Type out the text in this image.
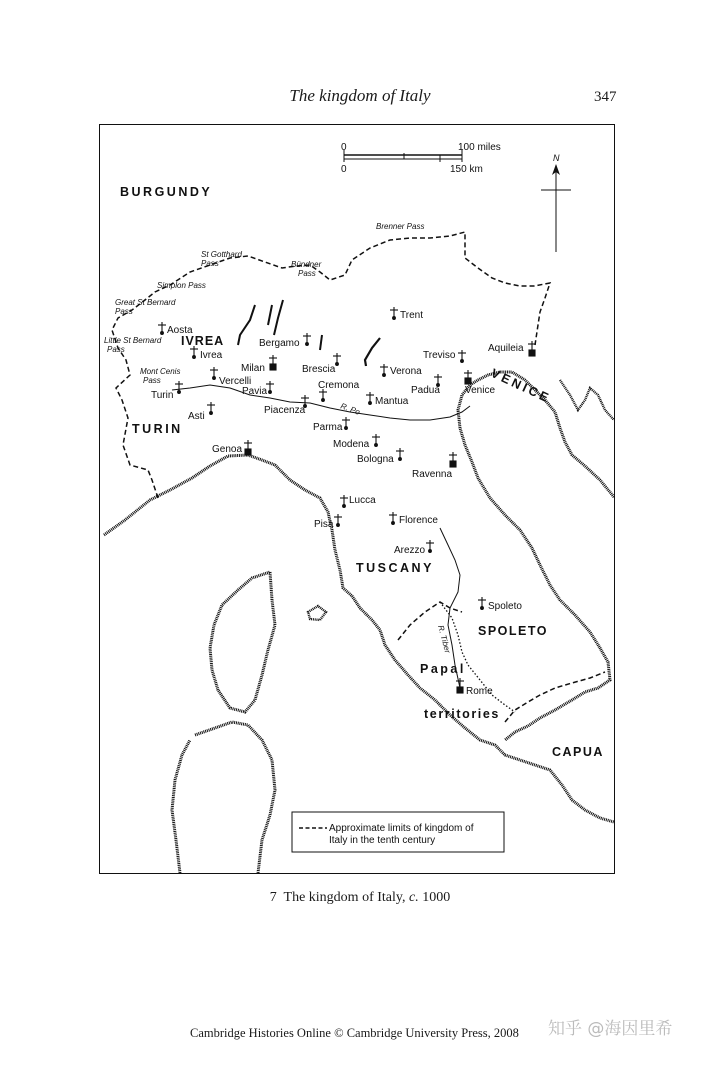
The kingdom of Italy	347
0	100 miles
0	150 km
N
BURGUNDY
IVREA
TURIN
TUSCANY
SPOLETO
Papal
territories
CAPUA
VENICE
Brenner Pass
St Gotthard
Pass	Bündner
Pass
Simplon Pass
Great St Bernard
Pass
Little St Bernard
Pass
Mont Cenis
Pass
R. Po
R. Tiber
Trent
Aosta
Ivrea
Bergamo
Treviso
Aquileia
Milan	Brescia	Verona
Vercelli	Cremona	Padua	Venice
Turin	Pavia
Mantua
Asti
Piacenza
Parma
Modena
Genoa
Bologna
Ravenna
Lucca
Pisa	Florence
Arezzo
Spoleto
Rome
Approximate limits of kingdom of
Italy in the tenth century
7 The kingdom of Italy, c. 1000
Cambridge Histories Online © Cambridge University Press, 2008 知乎 @海因里希
